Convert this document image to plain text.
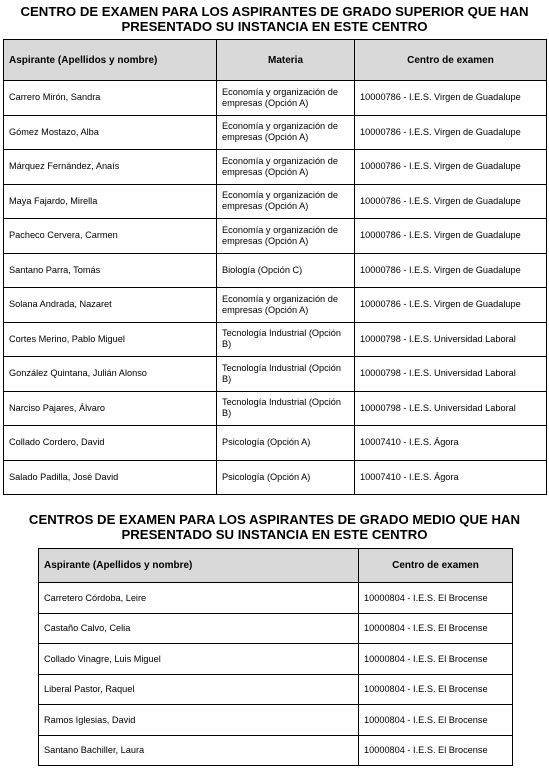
CENTRO DE EXAMEN PARA LOS ASPIRANTES DE GRADO SUPERIOR QUE HAN PRESENTADO SU INSTANCIA EN ESTE CENTRO
Aspirante (Apellidos y nombre)	Materia	Centro de examen
Carrero Mirón, Sandra	Economía y organización de empresas (Opción A)	10000786 - I.E.S. Virgen de Guadalupe
Gómez Mostazo, Alba	Economía y organización de empresas (Opción A)	10000786 - I.E.S. Virgen de Guadalupe
Márquez Fernández, Anaís	Economía y organización de empresas (Opción A)	10000786 - I.E.S. Virgen de Guadalupe
Maya Fajardo, Mirella	Economía y organización de empresas (Opción A)	10000786 - I.E.S. Virgen de Guadalupe
Pacheco Cervera, Carmen	Economía y organización de empresas (Opción A)	10000786 - I.E.S. Virgen de Guadalupe
Santano Parra, Tomás	Biología (Opción C)	10000786 - I.E.S. Virgen de Guadalupe
Solana Andrada, Nazaret	Economía y organización de empresas (Opción A)	10000786 - I.E.S. Virgen de Guadalupe
Cortes Merino, Pablo Miguel	Tecnología Industrial (Opción B)	10000798 - I.E.S. Universidad Laboral
González Quintana, Julián Alonso	Tecnología Industrial (Opción B)	10000798 - I.E.S. Universidad Laboral
Narciso Pajares, Álvaro	Tecnología Industrial (Opción B)	10000798 - I.E.S. Universidad Laboral
Collado Cordero, David	Psicología (Opción A)	10007410 - I.E.S. Ágora
Salado Padilla, José David	Psicología (Opción A)	10007410 - I.E.S. Ágora
CENTROS DE EXAMEN PARA LOS ASPIRANTES DE GRADO MEDIO QUE HAN PRESENTADO SU INSTANCIA EN ESTE CENTRO
Aspirante (Apellidos y nombre)	Centro de examen
Carretero Córdoba, Leire	10000804 - I.E.S. El Brocense
Castaño Calvo, Celia	10000804 - I.E.S. El Brocense
Collado Vinagre, Luis Miguel	10000804 - I.E.S. El Brocense
Liberal Pastor, Raquel	10000804 - I.E.S. El Brocense
Ramos Iglesias, David	10000804 - I.E.S. El Brocense
Santano Bachiller, Laura	10000804 - I.E.S. El Brocense
